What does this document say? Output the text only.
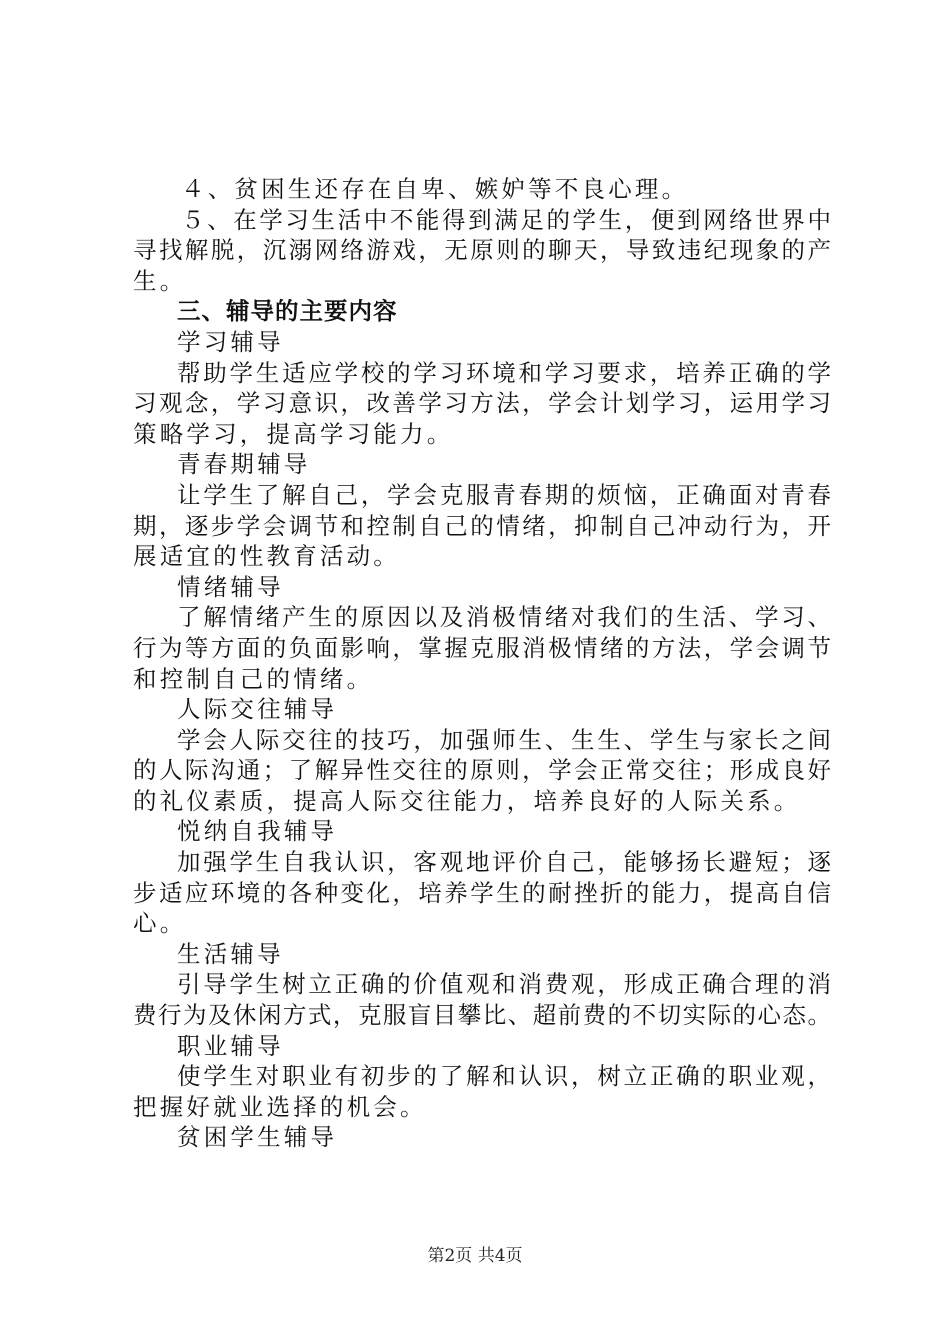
４、贫困生还存在自卑、嫉妒等不良心理。
５、在学习生活中不能得到满足的学生，便到网络世界中
寻找解脱，沉溺网络游戏，无原则的聊天，导致违纪现象的产
生。
三、辅导的主要内容
学习辅导
帮助学生适应学校的学习环境和学习要求，培养正确的学
习观念，学习意识，改善学习方法，学会计划学习，运用学习
策略学习，提高学习能力。
青春期辅导
让学生了解自己，学会克服青春期的烦恼，正确面对青春
期，逐步学会调节和控制自己的情绪，抑制自己冲动行为，开
展适宜的性教育活动。
情绪辅导
了解情绪产生的原因以及消极情绪对我们的生活、学习、
行为等方面的负面影响，掌握克服消极情绪的方法，学会调节
和控制自己的情绪。
人际交往辅导
学会人际交往的技巧，加强师生、生生、学生与家长之间
的人际沟通；了解异性交往的原则，学会正常交往；形成良好
的礼仪素质，提高人际交往能力，培养良好的人际关系。
悦纳自我辅导
加强学生自我认识，客观地评价自己，能够扬长避短；逐
步适应环境的各种变化，培养学生的耐挫折的能力，提高自信
心。
生活辅导
引导学生树立正确的价值观和消费观，形成正确合理的消
费行为及休闲方式，克服盲目攀比、超前费的不切实际的心态。
职业辅导
使学生对职业有初步的了解和认识，树立正确的职业观，
把握好就业选择的机会。
贫困学生辅导
第2页 共4页
